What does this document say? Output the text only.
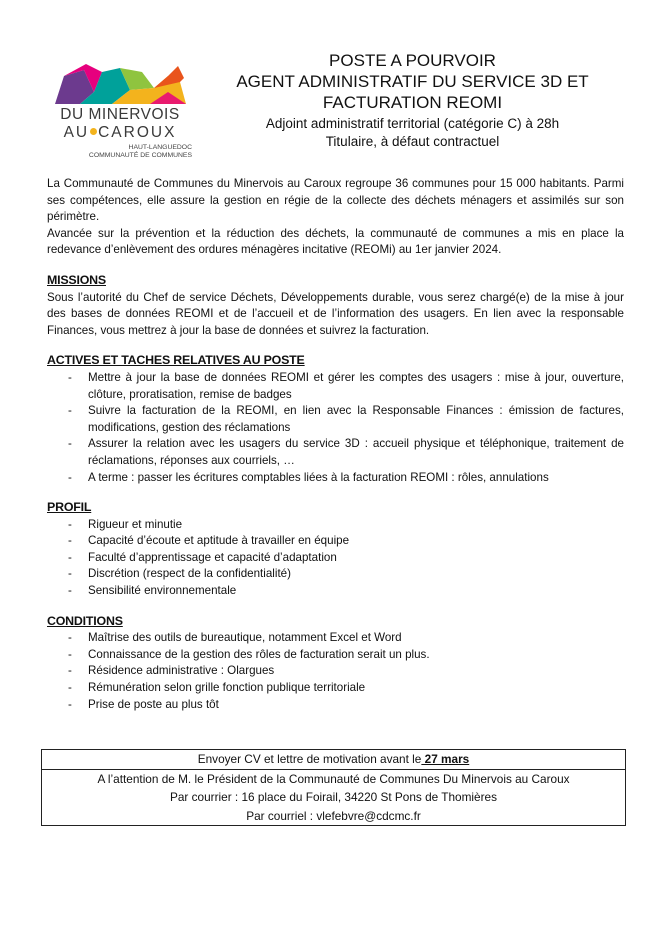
DU MINERVOIS
AU CAROUX
HAUT-LANGUEDOC
COMMUNAUTÉ DE COMMUNES
POSTE A POURVOIR
AGENT ADMINISTRATIF DU SERVICE 3D ET
FACTURATION REOMI
Adjoint administratif territorial (catégorie C) à 28h
Titulaire, à défaut contractuel

La Communauté de Communes du Minervois au Caroux regroupe 36 communes pour 15 000 habitants. Parmi ses compétences, elle assure la gestion en régie de la collecte des déchets ménagers et assimilés sur son périmètre.

Avancée sur la prévention et la réduction des déchets, la communauté de communes a mis en place la redevance d’enlèvement des ordures ménagères incitative (REOMi) au 1er janvier 2024.

MISSIONS

Sous l’autorité du Chef de service Déchets, Développements durable, vous serez chargé(e) de la mise à jour des bases de données REOMI et de l’accueil et de l’information des usagers. En lien avec la responsable Finances, vous mettrez à jour la base de données et suivrez la facturation.

ACTIVES ET TACHES RELATIVES AU POSTE
- Mettre à jour la base de données REOMI et gérer les comptes des usagers : mise à jour, ouverture, clôture, proratisation, remise de badges
- Suivre la facturation de la REOMI, en lien avec la Responsable Finances : émission de factures, modifications, gestion des réclamations
- Assurer la relation avec les usagers du service 3D : accueil physique et téléphonique, traitement de réclamations, réponses aux courriels, …
- A terme : passer les écritures comptables liées à la facturation REOMI : rôles, annulations
PROFIL
- Rigueur et minutie
- Capacité d’écoute et aptitude à travailler en équipe
- Faculté d’apprentissage et capacité d’adaptation
- Discrétion (respect de la confidentialité)
- Sensibilité environnementale
CONDITIONS
- Maîtrise des outils de bureautique, notamment Excel et Word
- Connaissance de la gestion des rôles de facturation serait un plus.
- Résidence administrative : Olargues
- Rémunération selon grille fonction publique territoriale
- Prise de poste au plus tôt
Envoyer CV et lettre de motivation avant le 27 mars
A l’attention de M. le Président de la Communauté de Communes Du Minervois au Caroux
Par courrier : 16 place du Foirail, 34220 St Pons de Thomières
Par courriel : vlefebvre@cdcmc.fr
